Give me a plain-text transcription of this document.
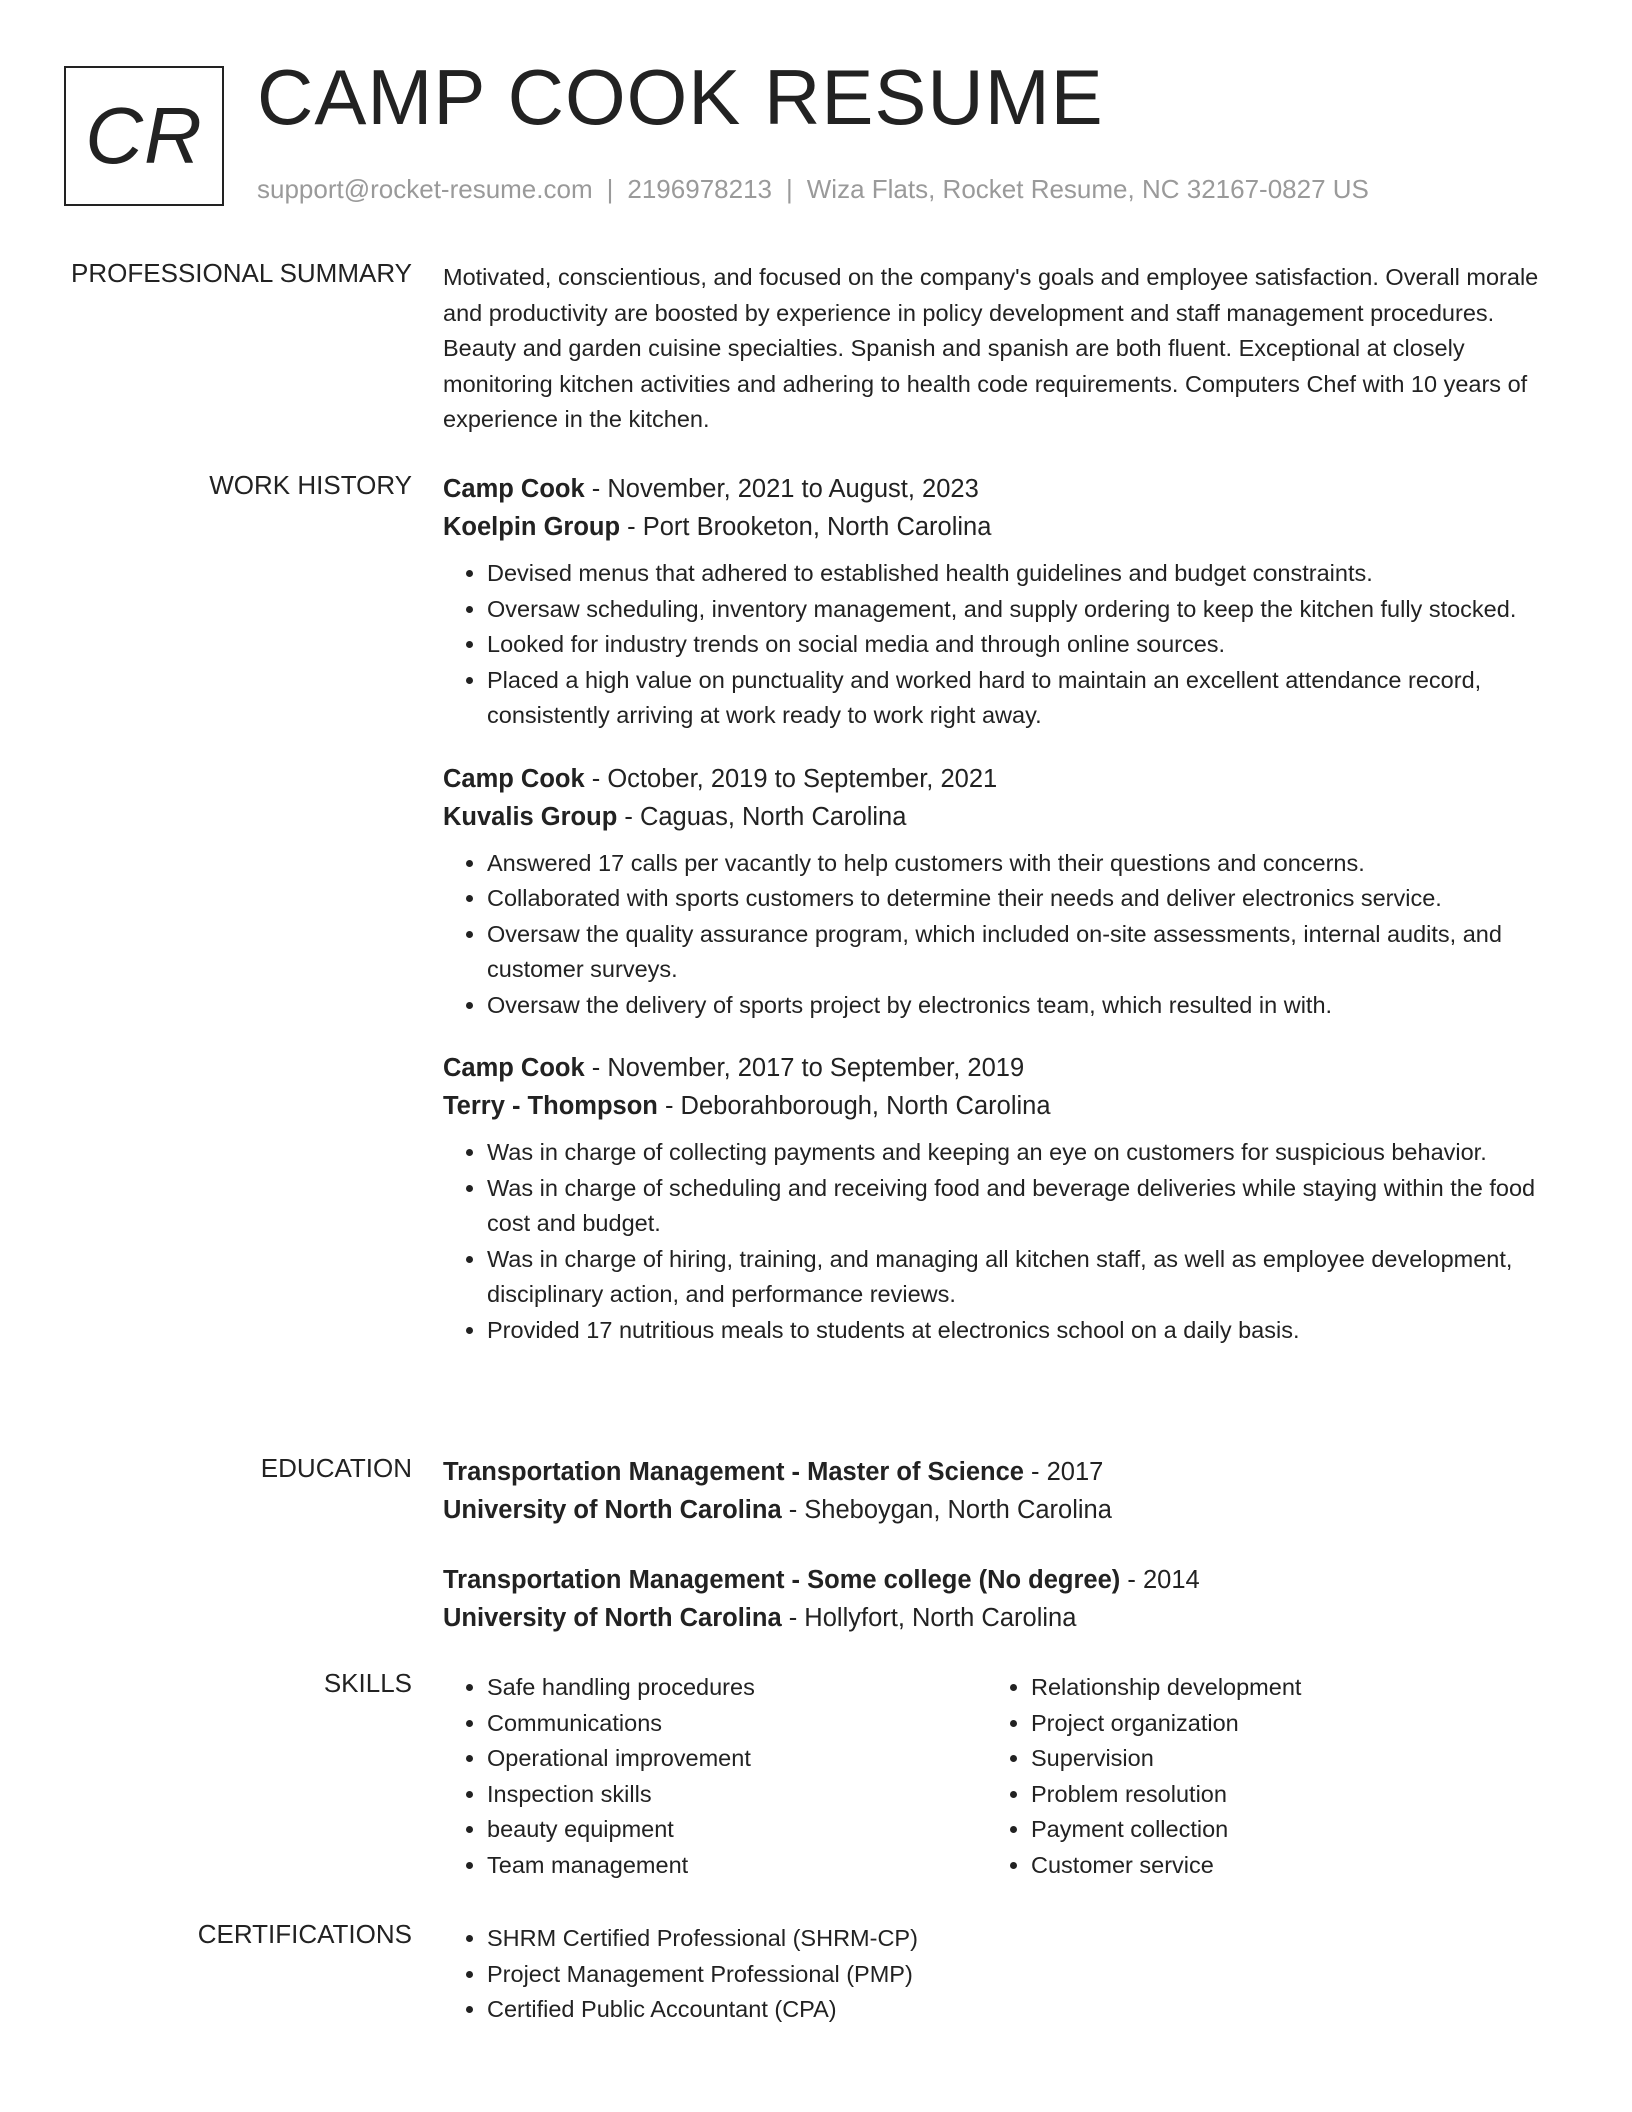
CR CAMP COOK RESUME
support@rocket-resume.com | 2196978213 | Wiza Flats, Rocket Resume, NC 32167-0827 US
PROFESSIONAL SUMMARY Motivated, conscientious, and focused on the company's goals and employee satisfaction. Overall morale and productivity are boosted by experience in policy development and staff management procedures. Beauty and garden cuisine specialties. Spanish and spanish are both fluent. Exceptional at closely monitoring kitchen activities and adhering to health code requirements. Computers Chef with 10 years of experience in the kitchen.

WORK HISTORY Camp Cook - November, 2021 to August, 2023
Koelpin Group - Port Brooketon, North Carolina
• Devised menus that adhered to established health guidelines and budget constraints.
• Oversaw scheduling, inventory management, and supply ordering to keep the kitchen fully stocked.
• Looked for industry trends on social media and through online sources.
• Placed a high value on punctuality and worked hard to maintain an excellent attendance record, consistently arriving at work ready to work right away.
Camp Cook - October, 2019 to September, 2021
Kuvalis Group - Caguas, North Carolina
• Answered 17 calls per vacantly to help customers with their questions and concerns.
• Collaborated with sports customers to determine their needs and deliver electronics service.
• Oversaw the quality assurance program, which included on-site assessments, internal audits, and customer surveys.
• Oversaw the delivery of sports project by electronics team, which resulted in with.
Camp Cook - November, 2017 to September, 2019
Terry - Thompson - Deborahborough, North Carolina
• Was in charge of collecting payments and keeping an eye on customers for suspicious behavior.
• Was in charge of scheduling and receiving food and beverage deliveries while staying within the food cost and budget.
• Was in charge of hiring, training, and managing all kitchen staff, as well as employee development, disciplinary action, and performance reviews.
• Provided 17 nutritious meals to students at electronics school on a daily basis.
EDUCATION Transportation Management - Master of Science - 2017
University of North Carolina - Sheboygan, North Carolina
Transportation Management - Some college (No degree) - 2014
University of North Carolina - Hollyfort, North Carolina
SKILLS	• Safe handling procedures
• Communications
• Operational improvement
• Inspection skills
• beauty equipment
• Team management
• Relationship development
• Project organization
• Supervision
• Problem resolution
• Payment collection
• Customer service
CERTIFICATIONS	• SHRM Certified Professional (SHRM-CP)
• Project Management Professional (PMP)
• Certified Public Accountant (CPA)
